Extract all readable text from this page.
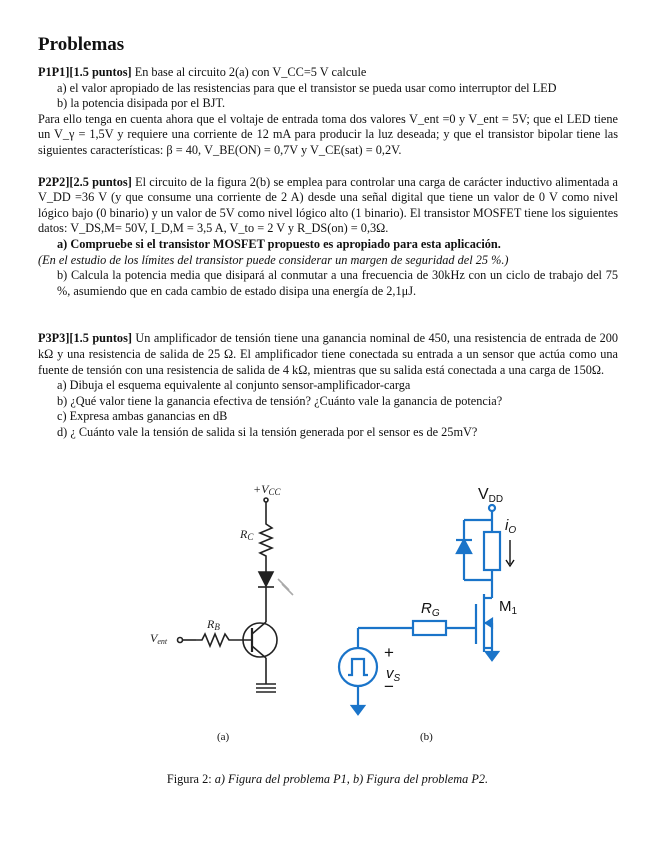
Problemas

P1P1][1.5 puntos] En base al circuito 2(a) con V_CC=5 V calcule

a) el valor apropiado de las resistencias para que el transistor se pueda usar como interruptor del LED

b) la potencia disipada por el BJT.

Para ello tenga en cuenta ahora que el voltaje de entrada toma dos valores V_ent =0 y V_ent = 5V; que el LED tiene un V_γ = 1,5V y requiere una corriente de 12 mA para producir la luz deseada; y que el transistor bipolar tiene las siguientes características: β = 40, V_BE(ON) = 0,7V y V_CE(sat) = 0,2V.

P2P2][2.5 puntos] El circuito de la figura 2(b) se emplea para controlar una carga de carácter inductivo alimentada a V_DD =36 V (y que consume una corriente de 2 A) desde una señal digital que tiene un valor de 0 V como nivel lógico bajo (0 binario) y un valor de 5V como nivel lógico alto (1 binario). El transistor MOSFET tiene los siguientes datos: V_DS,M= 50V, I_D,M = 3,5 A, V_to = 2 V y R_DS(on) = 0,3Ω.

a) Compruebe si el transistor MOSFET propuesto es apropiado para esta aplicación.

(En el estudio de los límites del transistor puede considerar un margen de seguridad del 25 %.)

b) Calcula la potencia media que disipará al conmutar a una frecuencia de 30kHz con un ciclo de trabajo del 75 %, asumiendo que en cada cambio de estado disipa una energía de 2,1μJ.

P3P3][1.5 puntos] Un amplificador de tensión tiene una ganancia nominal de 450, una resistencia de entrada de 200 kΩ y una resistencia de salida de 25 Ω. El amplificador tiene conectada su entrada a un sensor que actúa como una fuente de tensión con una resistencia de salida de 4 kΩ, mientras que su salida está conectada a una carga de 150Ω.

a) Dibuja el esquema equivalente al conjunto sensor-amplificador-carga

b) ¿Qué valor tiene la ganancia efectiva de tensión? ¿Cuánto vale la ganancia de potencia?

c) Expresa ambas ganancias en dB

d) ¿ Cuánto vale la tensión de salida si la tensión generada por el sensor es de 25mV?

+VCC
RC
RB
Vent
VDD
$i_O$
$M_1$
$R_G$
+
$v_S$
−
(a)	(b)
Figura 2: a) Figura del problema P1, b) Figura del problema P2.
